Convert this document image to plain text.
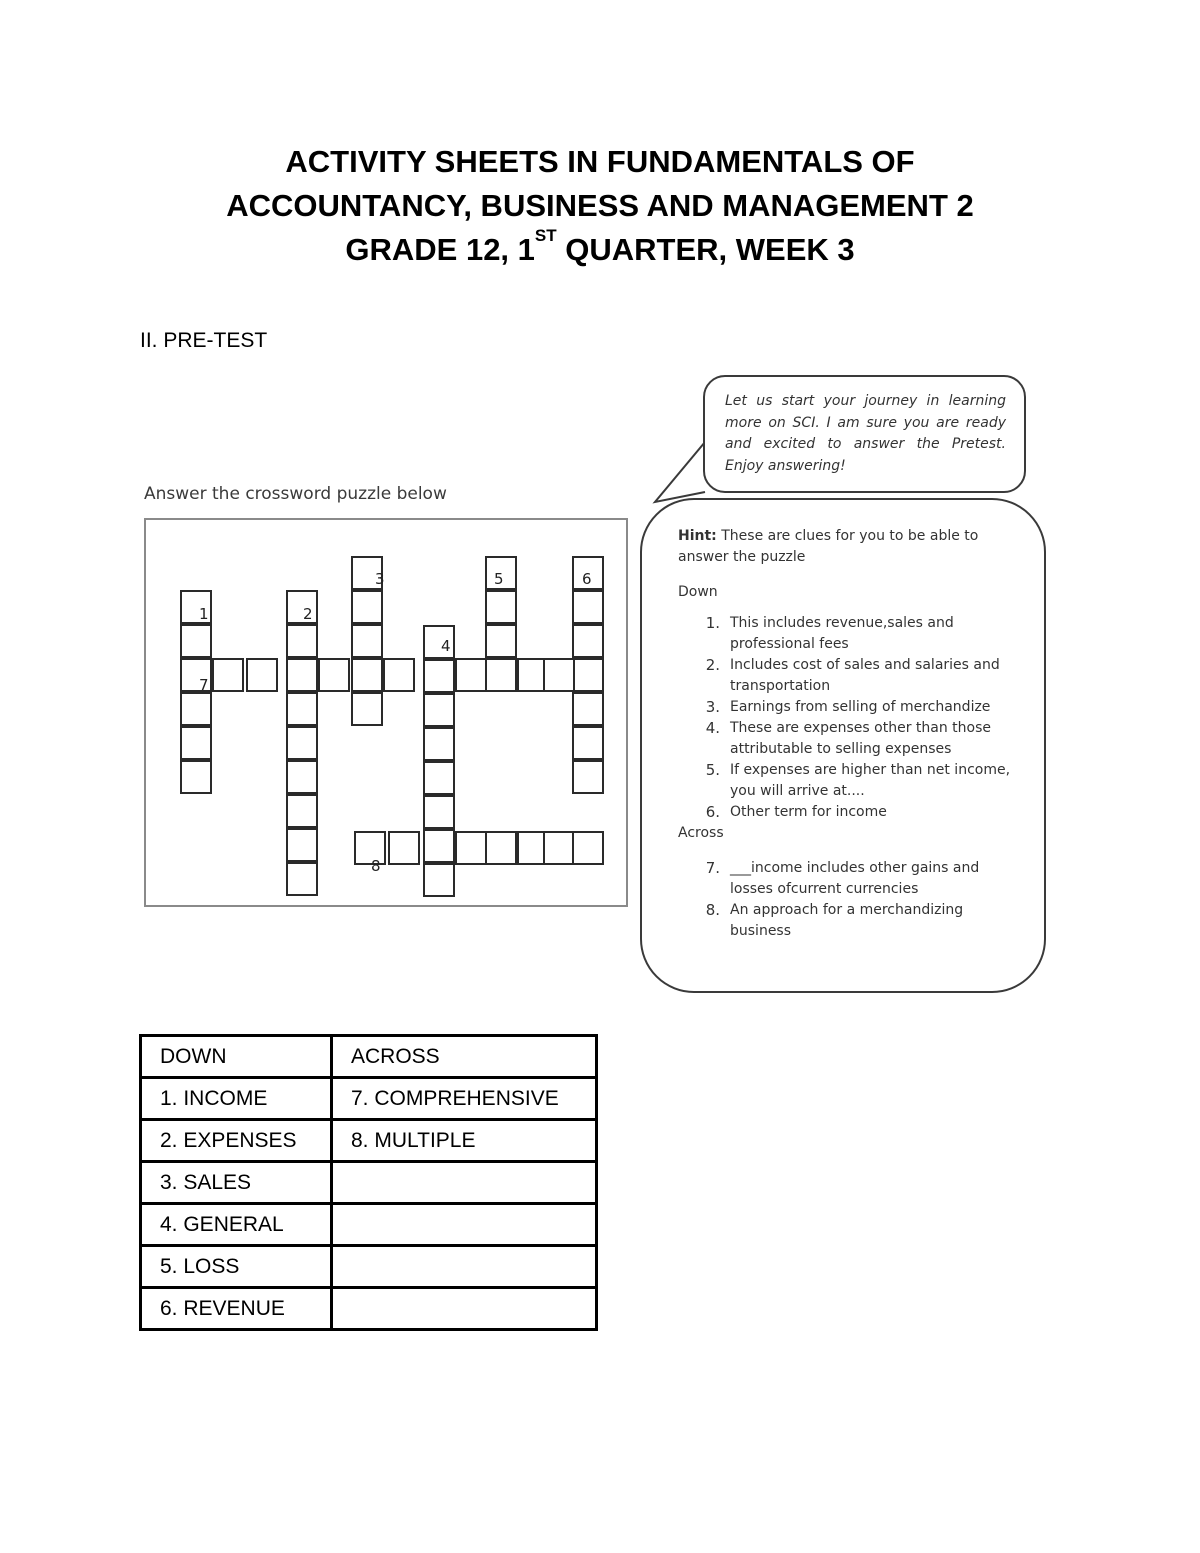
ACTIVITY SHEETS IN FUNDAMENTALS OF
ACCOUNTANCY, BUSINESS AND MANAGEMENT 2
GRADE 12, 1ST QUARTER, WEEK 3
II. PRE-TEST
Answer the crossword puzzle below
1	2
3
4
5	6
7
8
Let us start your journey in learning more on SCI. I am sure you are ready and excited to answer the Pretest. Enjoy answering!
Hint: These are clues for you to be able to answer the puzzle
Down
1. This includes revenue,sales and professional fees
2. Includes cost of sales and salaries and transportation
3. Earnings from selling of merchandize
4. These are expenses other than those attributable to selling expenses
5. If expenses are higher than net income, you will arrive at....
6. Other term for income
Across
7. ___income includes other gains and losses ofcurrent currencies
8. An approach for a merchandizing business
DOWN	ACROSS
1. INCOME	7. COMPREHENSIVE
2. EXPENSES	8. MULTIPLE
3. SALES	
4. GENERAL	
5. LOSS	
6. REVENUE	
